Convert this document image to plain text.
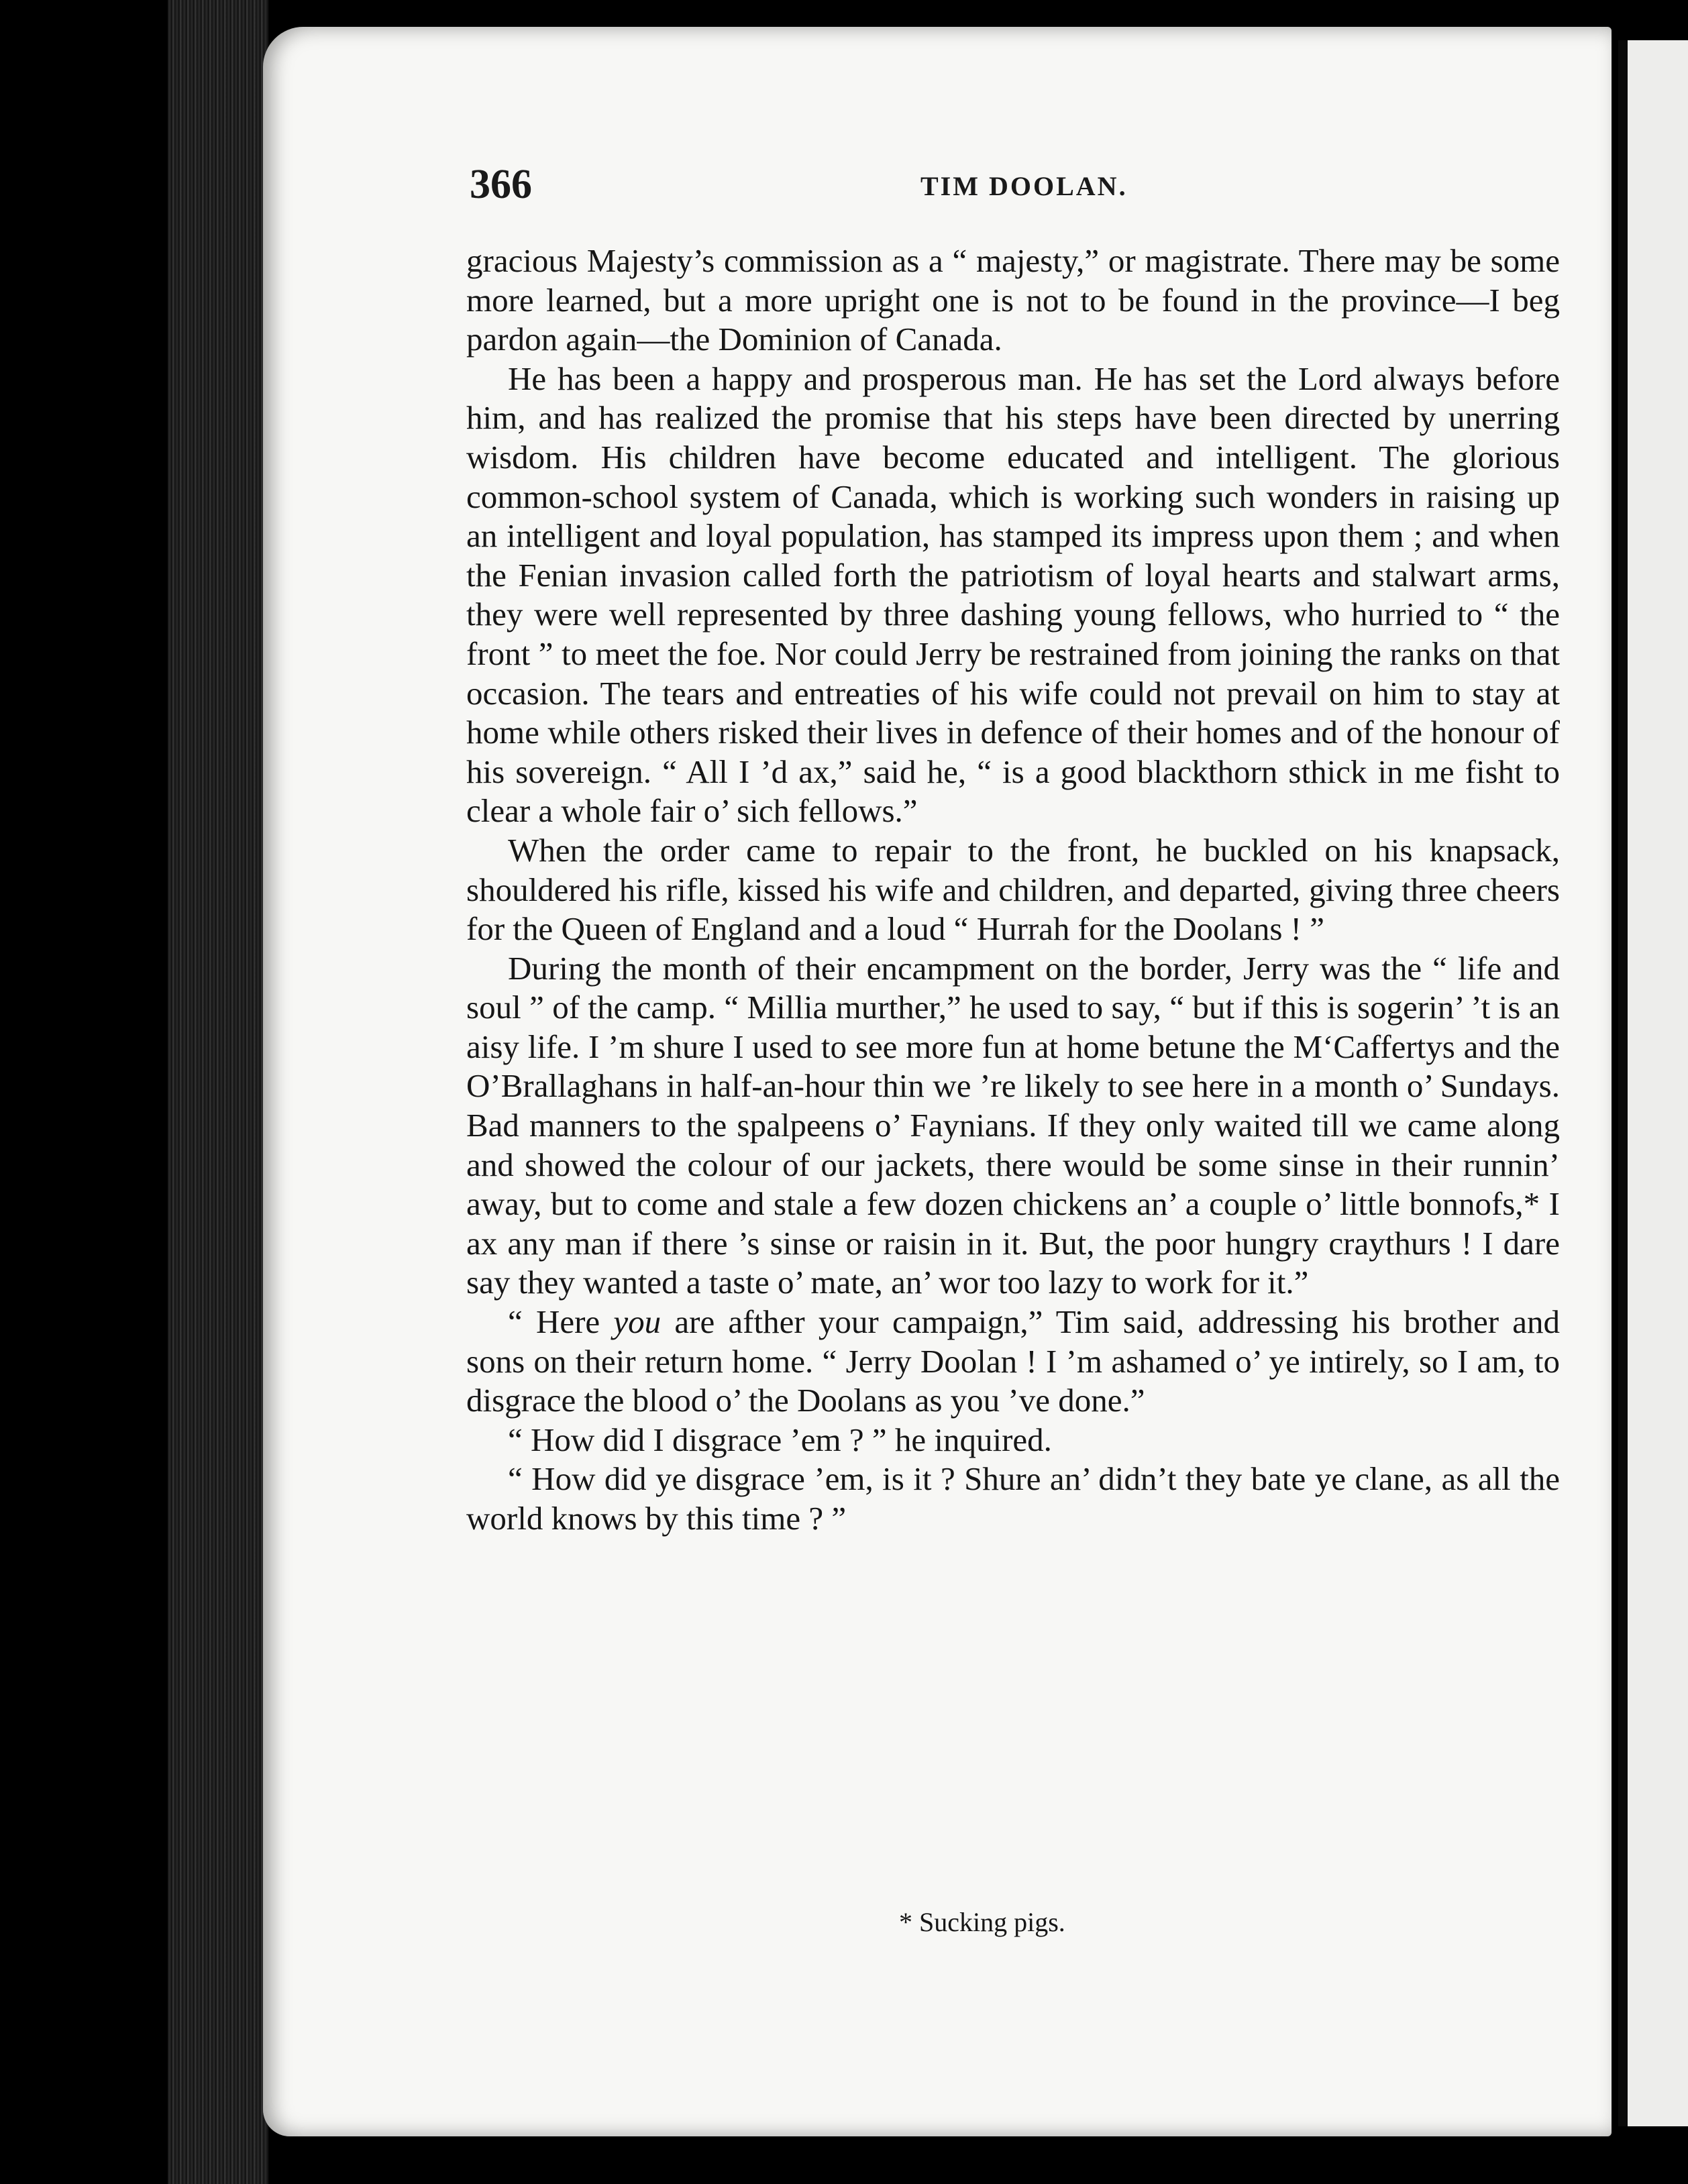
366	TIM DOOLAN.

gracious Majesty’s commission as a “ majesty,” or magistrate. There may be some more learned, but a more upright one is not to be found in the province—I beg pardon again—the Dominion of Canada.

He has been a happy and prosperous man. He has set the Lord always before him, and has realized the promise that his steps have been directed by unerring wisdom. His children have become educated and intelligent. The glorious common-school system of Canada, which is working such wonders in raising up an intelligent and loyal population, has stamped its impress upon them ; and when the Fenian invasion called forth the patriotism of loyal hearts and stalwart arms, they were well represented by three dashing young fellows, who hurried to “ the front ” to meet the foe. Nor could Jerry be restrained from joining the ranks on that occasion. The tears and entreaties of his wife could not prevail on him to stay at home while others risked their lives in defence of their homes and of the honour of his sovereign. “ All I ’d ax,” said he, “ is a good blackthorn sthick in me fisht to clear a whole fair o’ sich fellows.”

When the order came to repair to the front, he buckled on his knapsack, shouldered his rifle, kissed his wife and children, and departed, giving three cheers for the Queen of England and a loud “ Hurrah for the Doolans ! ”

During the month of their encampment on the border, Jerry was the “ life and soul ” of the camp. “ Millia murther,” he used to say, “ but if this is sogerin’ ’t is an aisy life. I ’m shure I used to see more fun at home betune the M‘Caffertys and the O’Brallaghans in half-an-hour thin we ’re likely to see here in a month o’ Sundays. Bad manners to the spalpeens o’ Faynians. If they only waited till we came along and showed the colour of our jackets, there would be some sinse in their runnin’ away, but to come and stale a few dozen chickens an’ a couple o’ little bonnofs,* I ax any man if there ’s sinse or raisin in it. But, the poor hungry craythurs ! I dare say they wanted a taste o’ mate, an’ wor too lazy to work for it.”

“ Here you are afther your campaign,” Tim said, addressing his brother and sons on their return home. “ Jerry Doolan ! I ’m ashamed o’ ye intirely, so I am, to disgrace the blood o’ the Doolans as you ’ve done.”

“ How did I disgrace ’em ? ” he inquired.

“ How did ye disgrace ’em, is it ? Shure an’ didn’t they bate ye clane, as all the world knows by this time ? ”

* Sucking pigs.
